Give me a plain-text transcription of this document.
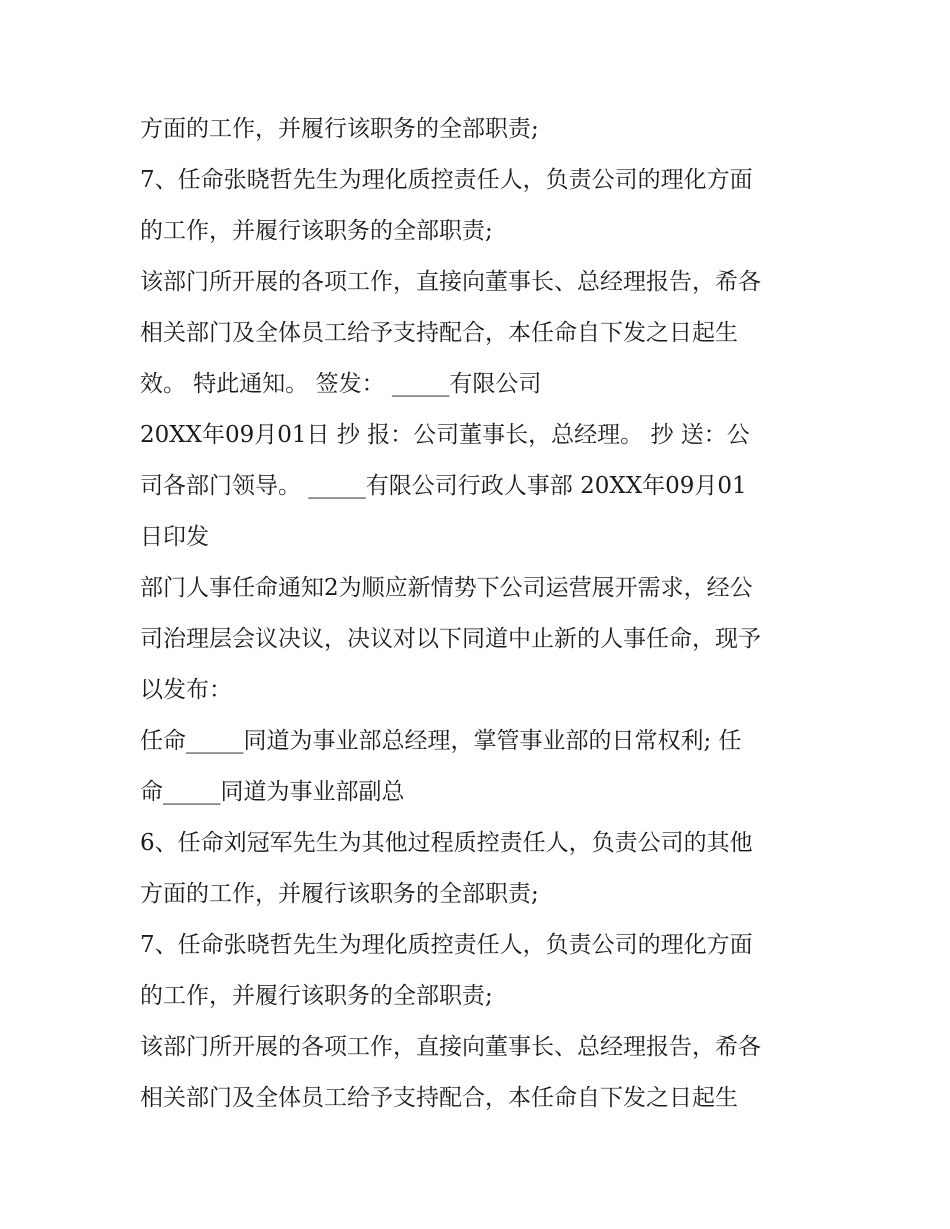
方面的工作，并履行该职务的全部职责;
7、任命张晓哲先生为理化质控责任人，负责公司的理化方面
的工作，并履行该职务的全部职责;
该部门所开展的各项工作，直接向董事长、总经理报告，希各
相关部门及全体员工给予支持配合，本任命自下发之日起生
效。 特此通知。 签发： _____有限公司
20XX年09月01日 抄 报：公司董事长，总经理。 抄 送：公
司各部门领导。 _____有限公司行政人事部 20XX年09月01
日印发
部门人事任命通知2为顺应新情势下公司运营展开需求，经公
司治理层会议决议，决议对以下同道中止新的人事任命，现予
以发布：
任命_____同道为事业部总经理，掌管事业部的日常权利; 任
命_____同道为事业部副总
6、任命刘冠军先生为其他过程质控责任人，负责公司的其他
方面的工作，并履行该职务的全部职责;
7、任命张晓哲先生为理化质控责任人，负责公司的理化方面
的工作，并履行该职务的全部职责;
该部门所开展的各项工作，直接向董事长、总经理报告，希各
相关部门及全体员工给予支持配合，本任命自下发之日起生
